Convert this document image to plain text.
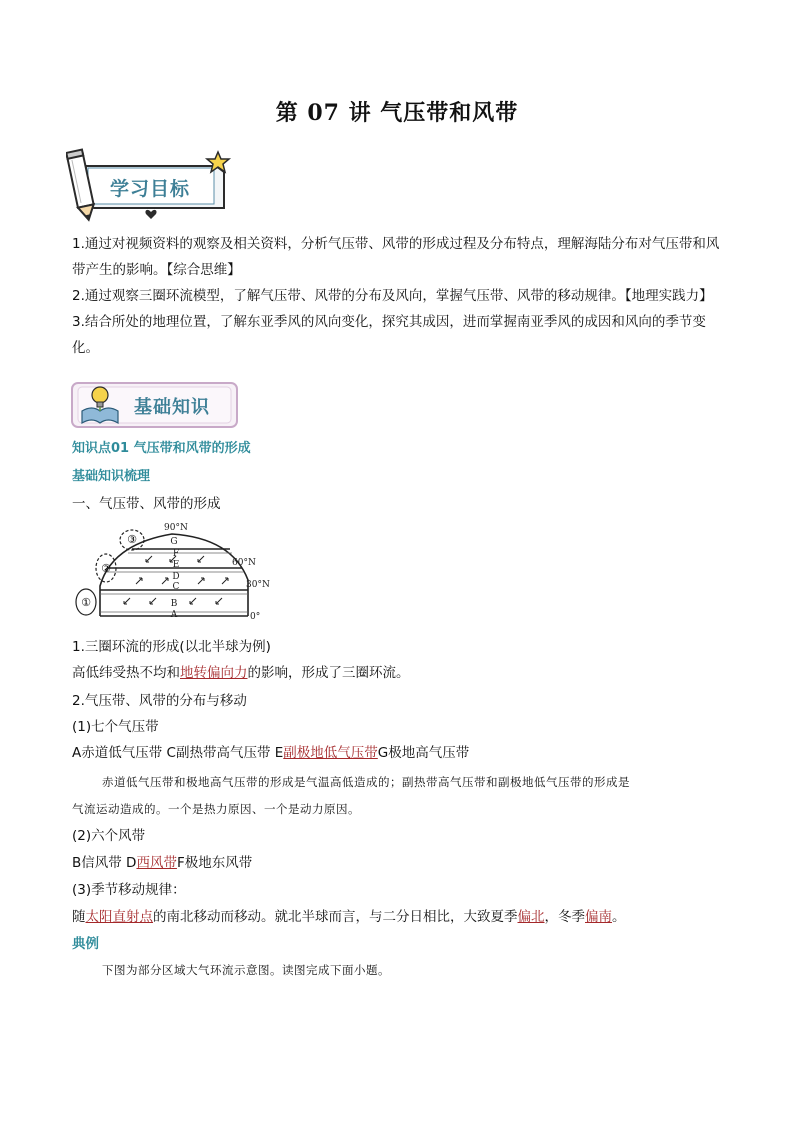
第 07 讲 气压带和风带
学习目标
1.通过对视频资料的观察及相关资料，分析气压带、风带的形成过程及分布特点，理解海陆分布对气压带和风带产生的影响。【综合思维】
2.通过观察三圈环流模型，了解气压带、风带的分布及风向，掌握气压带、风带的移动规律。【地理实践力】
3.结合所处的地理位置，了解东亚季风的风向变化，探究其成因，进而掌握南亚季风的成因和风向的季节变化。
基础知识
知识点01 气压带和风带的形成
基础知识梳理
一、气压带、风带的形成
①
②
③	G
F
E
D
C
B
A
90°N
60°N
30°N
0°
1.三圈环流的形成(以北半球为例)
高低纬受热不均和地转偏向力的影响，形成了三圈环流。
2.气压带、风带的分布与移动
(1)七个气压带
A赤道低气压带 C副热带高气压带 E副极地低气压带G极地高气压带
赤道低气压带和极地高气压带的形成是气温高低造成的；副热带高气压带和副极地低气压带的形成是
气流运动造成的。一个是热力原因、一个是动力原因。
(2)六个风带
B信风带 D西风带F极地东风带
(3)季节移动规律：
随太阳直射点的南北移动而移动。就北半球而言，与二分日相比，大致夏季偏北，冬季偏南。
典例
下图为部分区域大气环流示意图。读图完成下面小题。
